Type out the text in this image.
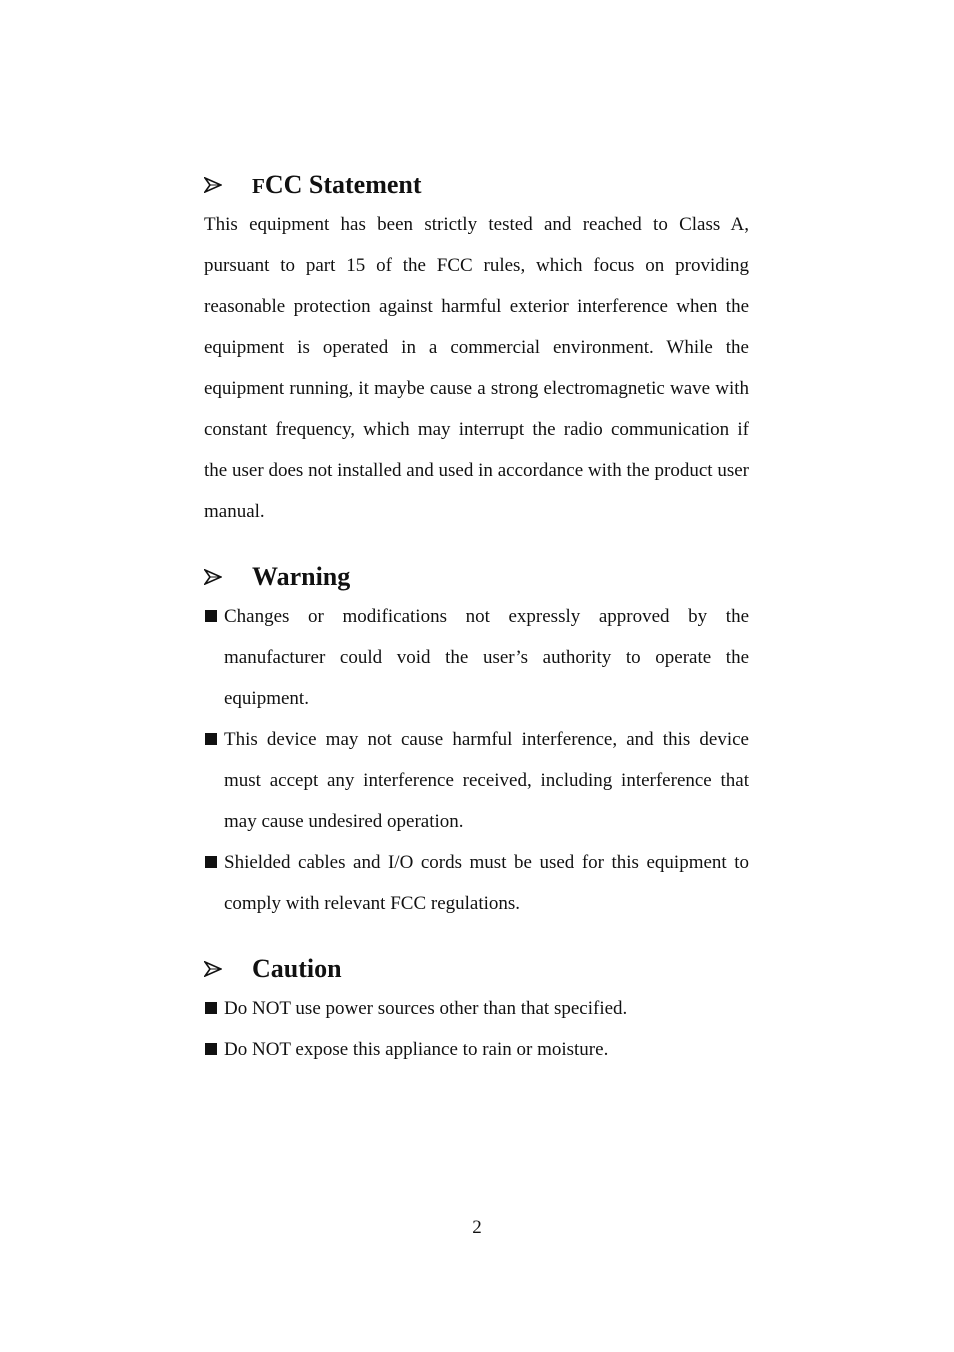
FCC Statement

This equipment has been strictly tested and reached to Class A, pursuant to part 15 of the FCC rules, which focus on providing reasonable protection against harmful exterior interference when the equipment is operated in a commercial environment. While the equipment running, it maybe cause a strong electromagnetic wave with constant frequency, which may interrupt the radio communication if the user does not installed and used in accordance with the product user manual.

Warning
Changes or modifications not expressly approved by the manufacturer could void the user’s authority to operate the equipment.
This device may not cause harmful interference, and this device must accept any interference received, including interference that may cause undesired operation.
Shielded cables and I/O cords must be used for this equipment to comply with relevant FCC regulations.
Caution
Do NOT use power sources other than that specified.
Do NOT expose this appliance to rain or moisture.
2
